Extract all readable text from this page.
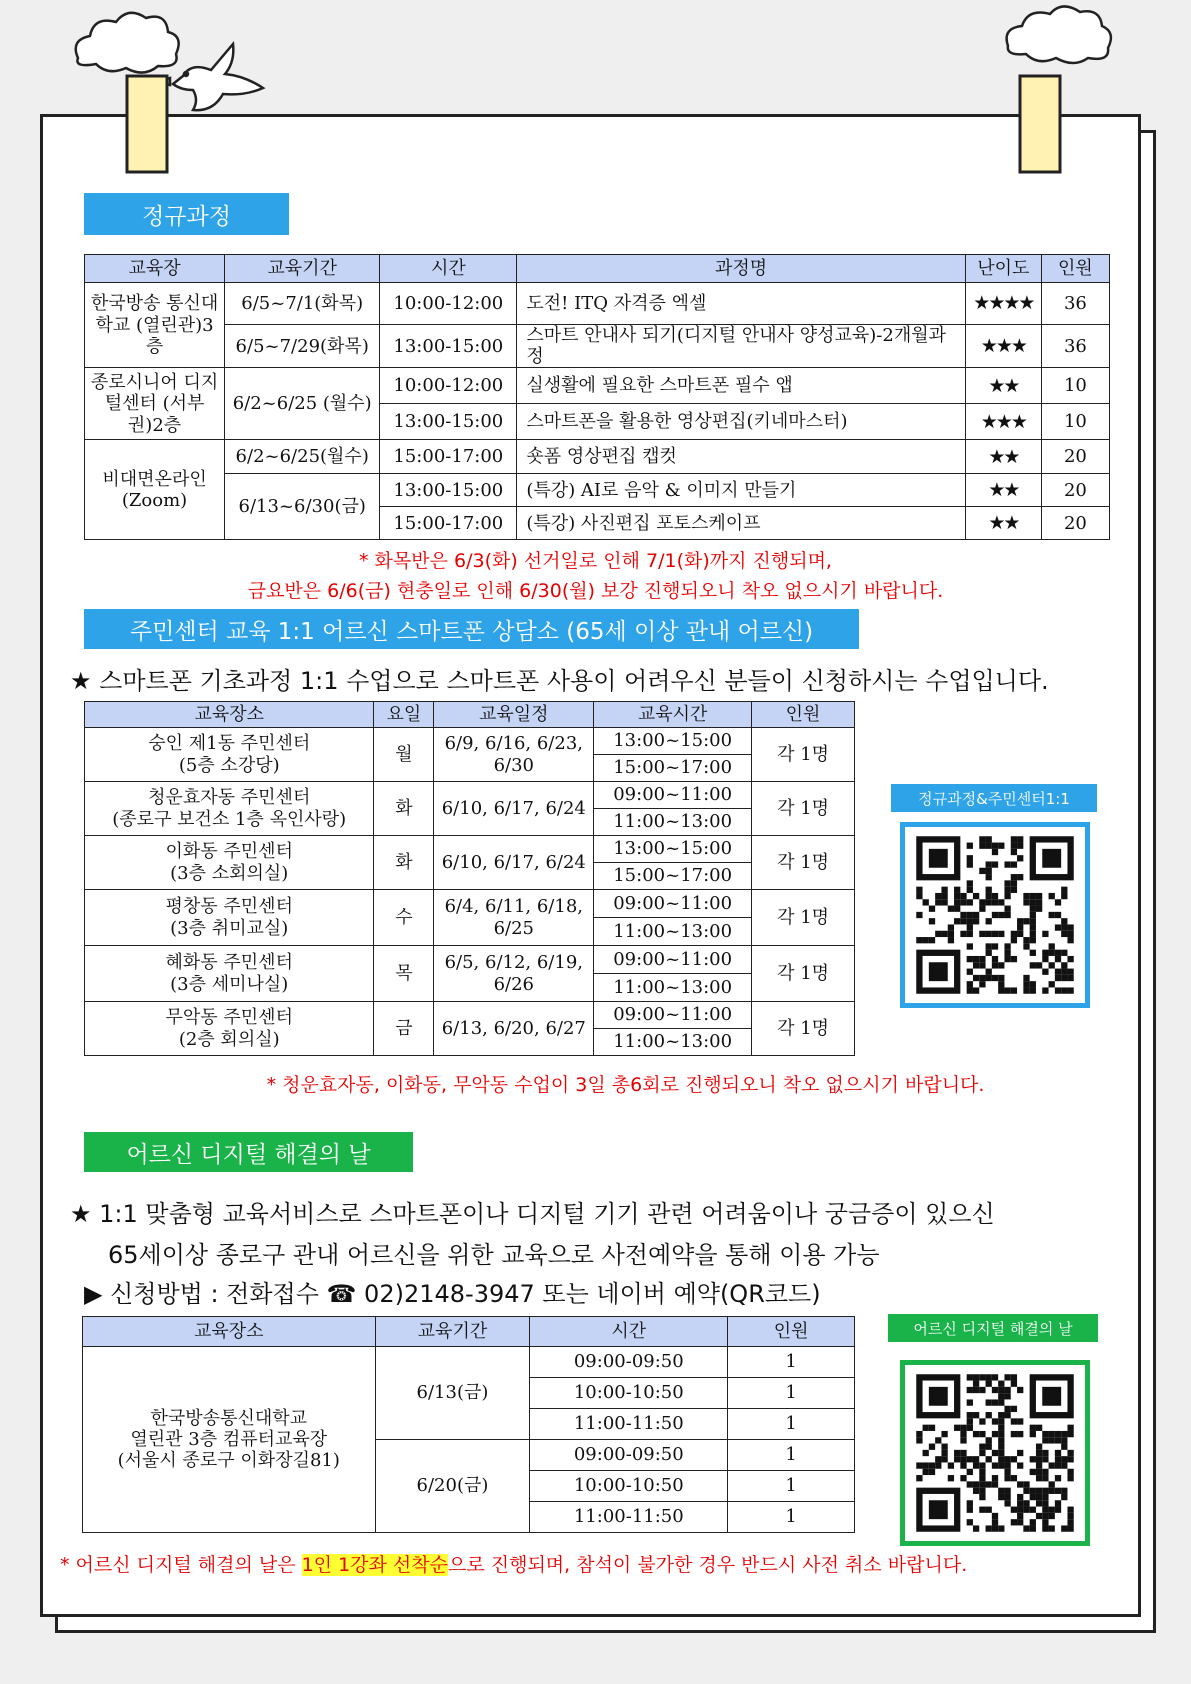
정규과정
교육장	교육기간	시간	과정명	난이도	인원
한국방송 통신대학교 (열린관)3층	6/5~7/1(화목)	10:00-12:00	도전! ITQ 자격증 엑셀	★★★★	36
	6/5~7/29(화목)	13:00-15:00	스마트 안내사 되기(디지털 안내사 양성교육)-2개월과정	★★★	36
종로시니어 디지털센터 (서부권)2층	6/2~6/25 (월수)	10:00-12:00	실생활에 필요한 스마트폰 필수 앱	★★	10
		13:00-15:00	스마트폰을 활용한 영상편집(키네마스터)	★★★	10
비대면온라인 (Zoom)	6/2~6/25(월수)	15:00-17:00	숏폼 영상편집 캡컷	★★	20
	6/13~6/30(금)	13:00-15:00	(특강) AI로 음악 & 이미지 만들기	★★	20
		15:00-17:00	(특강) 사진편집 포토스케이프	★★	20
* 화목반은 6/3(화) 선거일로 인해 7/1(화)까지 진행되며,
금요반은 6/6(금) 현충일로 인해 6/30(월) 보강 진행되오니 착오 없으시기 바랍니다.
주민센터 교육 1:1 어르신 스마트폰 상담소 (65세 이상 관내 어르신)
★ 스마트폰 기초과정 1:1 수업으로 스마트폰 사용이 어려우신 분들이 신청하시는 수업입니다.
교육장소	요일	교육일정	교육시간	인원

숭인 제1동 주민센터
(5층 소강당)	월	6/9, 6/16, 6/23, 6/30	13:00~15:00	각 1명
			15:00~17:00	

청운효자동 주민센터
(종로구 보건소 1층 옥인사랑)	화	6/10, 6/17, 6/24	09:00~11:00	각 1명
			11:00~13:00	

이화동 주민센터
(3층 소회의실)	화	6/10, 6/17, 6/24	13:00~15:00	각 1명
			15:00~17:00	

평창동 주민센터
(3층 취미교실)	수	6/4, 6/11, 6/18, 6/25	09:00~11:00	각 1명
			11:00~13:00	

혜화동 주민센터
(3층 세미나실)	목	6/5, 6/12, 6/19, 6/26	09:00~11:00	각 1명
			11:00~13:00	

무악동 주민센터
(2층 회의실)	금	6/13, 6/20, 6/27	09:00~11:00	각 1명
			11:00~13:00	
정규과정&주민센터1:1
* 청운효자동, 이화동, 무악동 수업이 3일 총6회로 진행되오니 착오 없으시기 바랍니다.
어르신 디지털 해결의 날
★ 1:1 맞춤형 교육서비스로 스마트폰이나 디지털 기기 관련 어려움이나 궁금증이 있으신
65세이상 종로구 관내 어르신을 위한 교육으로 사전예약을 통해 이용 가능
▶ 신청방법 : 전화접수 ☎ 02)2148-3947 또는 네이버 예약(QR코드)
교육장소	교육기간	시간	인원

한국방송통신대학교
열린관 3층 컴퓨터교육장
(서울시 종로구 이화장길81)	6/13(금)	09:00-09:50	1
		10:00-10:50	1
		11:00-11:50	1
	6/20(금)	09:00-09:50	1
		10:00-10:50	1
		11:00-11:50	1
어르신 디지털 해결의 날
* 어르신 디지털 해결의 날은 1인 1강좌 선착순으로 진행되며, 참석이 불가한 경우 반드시 사전 취소 바랍니다.
